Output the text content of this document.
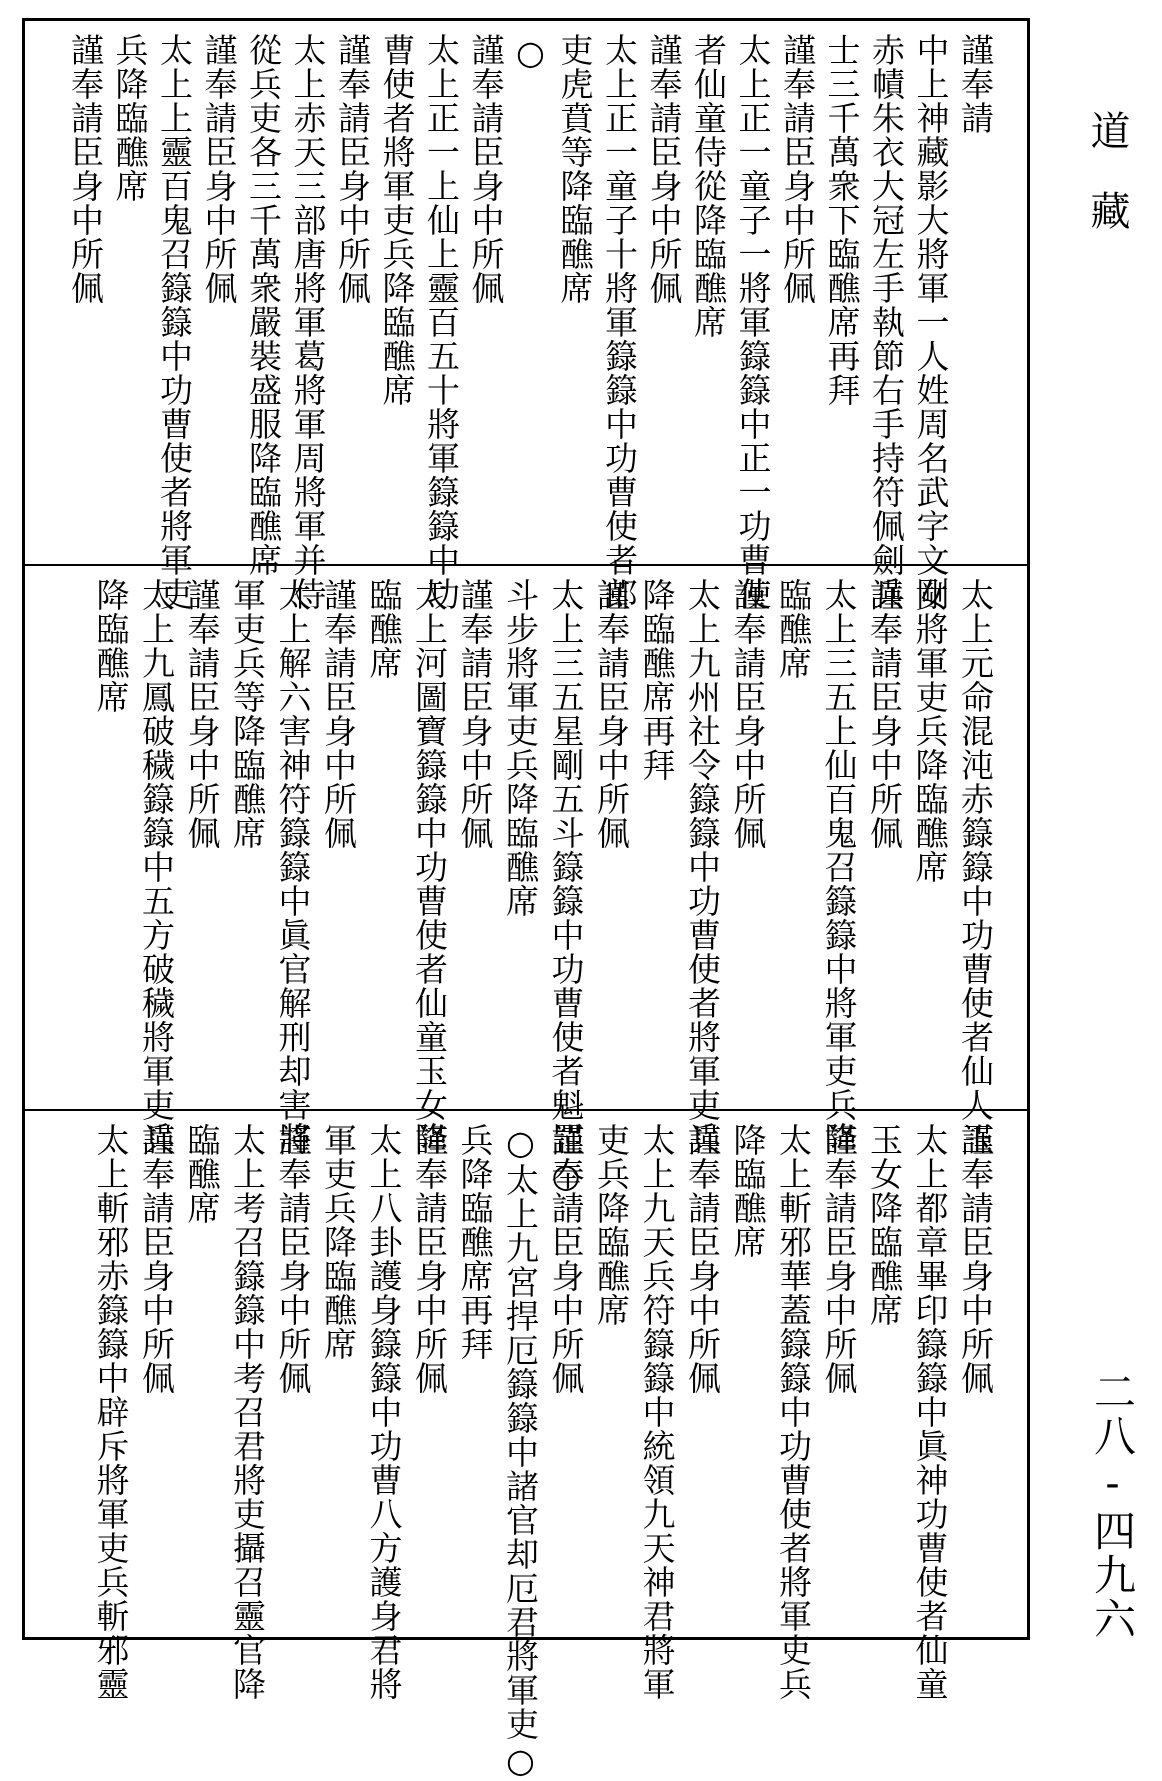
道藏
二八-四九六
謹奉請
中上神藏影大將軍一人姓周名武字文剛
赤幘朱衣大冠左手執節右手持符佩劍兵
士三千萬衆下臨醮席再拜
謹奉請臣身中所佩
太上正一童子一將軍籙籙中正一功曹使
者仙童侍從降臨醮席
謹奉請臣身中所佩
太上正一童子十將軍籙籙中功曹使者郎
吏虎賁等降臨醮席
○
謹奉請臣身中所佩
太上正一上仙上靈百五十將軍籙籙中功
曹使者將軍吏兵降臨醮席
謹奉請臣身中所佩
太上赤天三部唐將軍葛將軍周將軍并侍
從兵吏各三千萬衆嚴裝盛服降臨醮席
謹奉請臣身中所佩
太上上靈百鬼召籙籙中功曹使者將軍吏
兵降臨醮席
謹奉請臣身中所佩
太上元命混沌赤籙籙中功曹使者仙人玉
女將軍吏兵降臨醮席
謹奉請臣身中所佩
太上三五上仙百鬼召籙籙中將軍吏兵降
臨醮席
謹奉請臣身中所佩
太上九州社令籙籙中功曹使者將軍吏兵
降臨醮席再拜
謹奉請臣身中所佩
太上三五星剛五斗籙籙中功曹使者魁罡○
斗步將軍吏兵降臨醮席
謹奉請臣身中所佩
太上河圖寶籙籙中功曹使者仙童玉女降
臨醮席
謹奉請臣身中所佩
太上解六害神符籙籙中眞官解刑却害將
軍吏兵等降臨醮席
謹奉請臣身中所佩
太上九鳳破穢籙籙中五方破穢將軍吏兵
降臨醮席
謹奉請臣身中所佩
太上都章畢印籙籙中眞神功曹使者仙童
玉女降臨醮席
謹奉請臣身中所佩
太上斬邪華蓋籙籙中功曹使者將軍吏兵
降臨醮席
謹奉請臣身中所佩
太上九天兵符籙籙中統領九天神君將軍
吏兵降臨醮席
謹奉請臣身中所佩
○太上九宮捍厄籙籙中諸官却厄君將軍吏○
兵降臨醮席再拜
謹奉請臣身中所佩
太上八卦護身籙籙中功曹八方護身君將
軍吏兵降臨醮席
謹奉請臣身中所佩
太上考召籙籙中考召君將吏攝召靈官降
臨醮席
謹奉請臣身中所佩
太上斬邪赤籙籙中辟斥將軍吏兵斬邪靈
